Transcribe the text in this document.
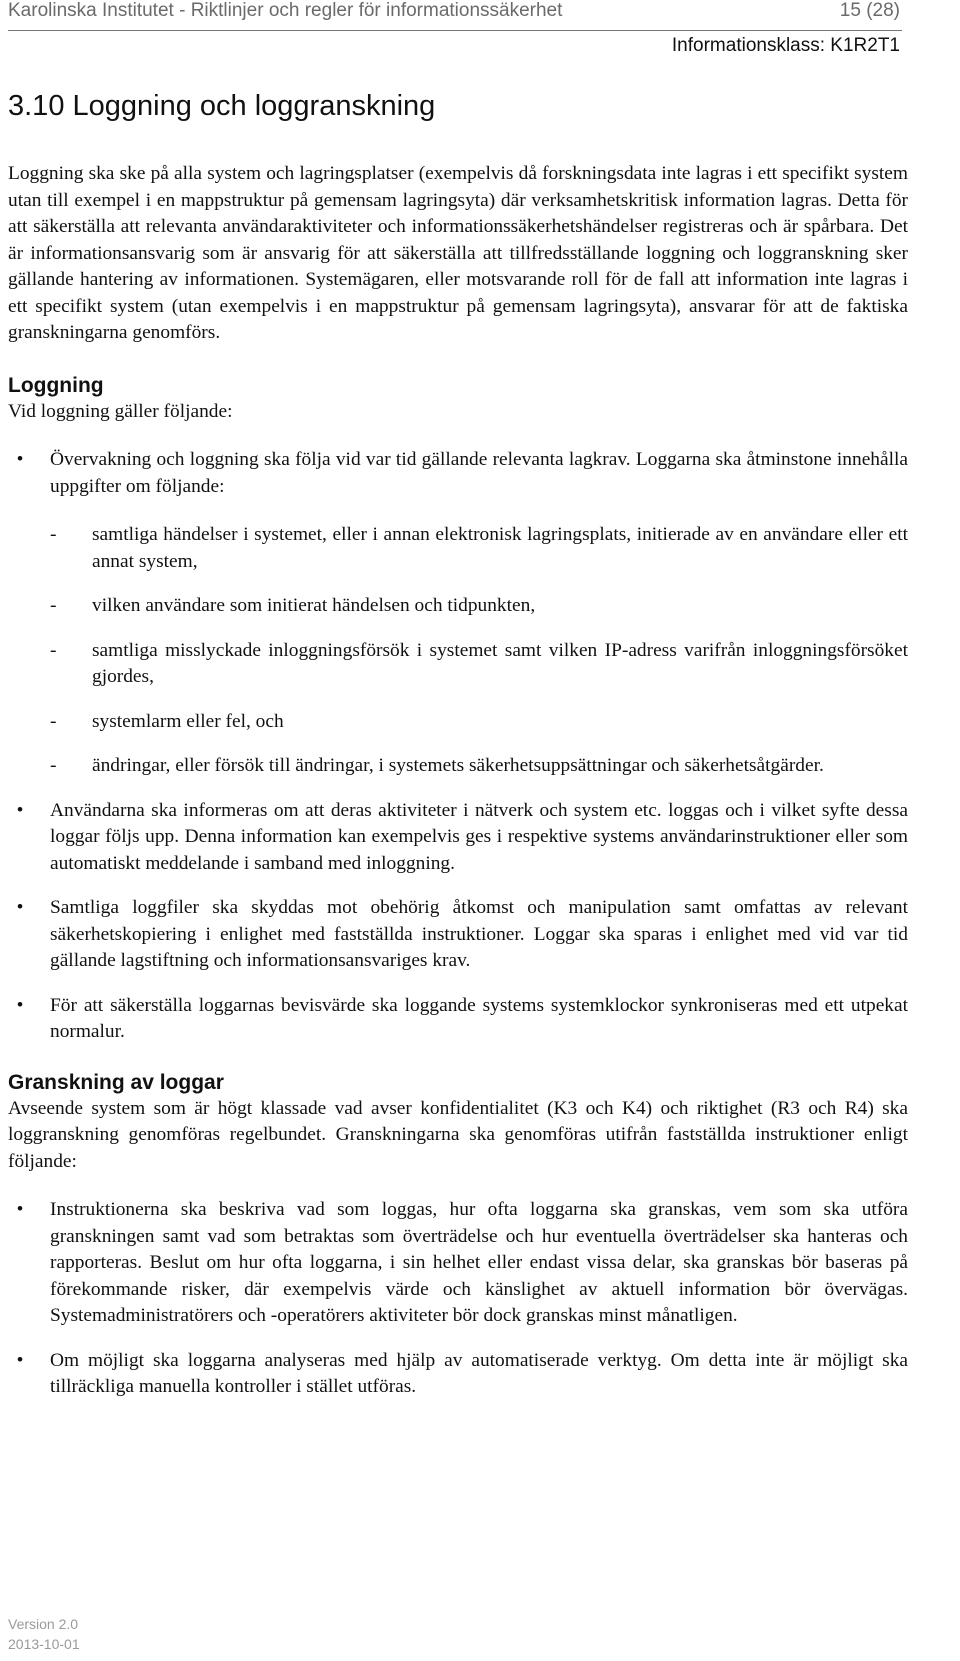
Karolinska Institutet - Riktlinjer och regler för informationssäkerhet	15 (28)
Informationsklass: K1R2T1
3.10 Loggning och loggranskning

Loggning ska ske på alla system och lagringsplatser (exempelvis då forskningsdata inte lagras i ett specifikt system utan till exempel i en mappstruktur på gemensam lagringsyta) där verksamhetskritisk information lagras. Detta för att säkerställa att relevanta användaraktiviteter och informationssäkerhetshändelser registreras och är spårbara. Det är informationsansvarig som är ansvarig för att säkerställa att tillfredsställande loggning och loggranskning sker gällande hantering av informationen. Systemägaren, eller motsvarande roll för de fall att information inte lagras i ett specifikt system (utan exempelvis i en mappstruktur på gemensam lagringsyta), ansvarar för att de faktiska granskningarna genomförs.

Loggning

Vid loggning gäller följande:

•	Övervakning och loggning ska följa vid var tid gällande relevanta lagkrav. Loggarna ska åtminstone innehålla uppgifter om följande:
- samtliga händelser i systemet, eller i annan elektronisk lagringsplats, initierade av en användare eller ett annat system,
- vilken användare som initierat händelsen och tidpunkten,
- samtliga misslyckade inloggningsförsök i systemet samt vilken IP-adress varifrån inloggningsförsöket gjordes,
- systemlarm eller fel, och
- ändringar, eller försök till ändringar, i systemets säkerhetsuppsättningar och säkerhetsåtgärder.
•	Användarna ska informeras om att deras aktiviteter i nätverk och system etc. loggas och i vilket syfte dessa loggar följs upp. Denna information kan exempelvis ges i respektive systems användarinstruktioner eller som automatiskt meddelande i samband med inloggning.
•	Samtliga loggfiler ska skyddas mot obehörig åtkomst och manipulation samt omfattas av relevant säkerhetskopiering i enlighet med fastställda instruktioner. Loggar ska sparas i enlighet med vid var tid gällande lagstiftning och informationsansvariges krav.
•	För att säkerställa loggarnas bevisvärde ska loggande systems systemklockor synkroniseras med ett utpekat normalur.
Granskning av loggar

Avseende system som är högt klassade vad avser konfidentialitet (K3 och K4) och riktighet (R3 och R4) ska loggranskning genomföras regelbundet. Granskningarna ska genomföras utifrån fastställda instruktioner enligt följande:

•	Instruktionerna ska beskriva vad som loggas, hur ofta loggarna ska granskas, vem som ska utföra granskningen samt vad som betraktas som överträdelse och hur eventuella överträdelser ska hanteras och rapporteras. Beslut om hur ofta loggarna, i sin helhet eller endast vissa delar, ska granskas bör baseras på förekommande risker, där exempelvis värde och känslighet av aktuell information bör övervägas. Systemadministratörers och -operatörers aktiviteter bör dock granskas minst månatligen.
•	Om möjligt ska loggarna analyseras med hjälp av automatiserade verktyg. Om detta inte är möjligt ska tillräckliga manuella kontroller i stället utföras.
Version 2.0
2013-10-01
